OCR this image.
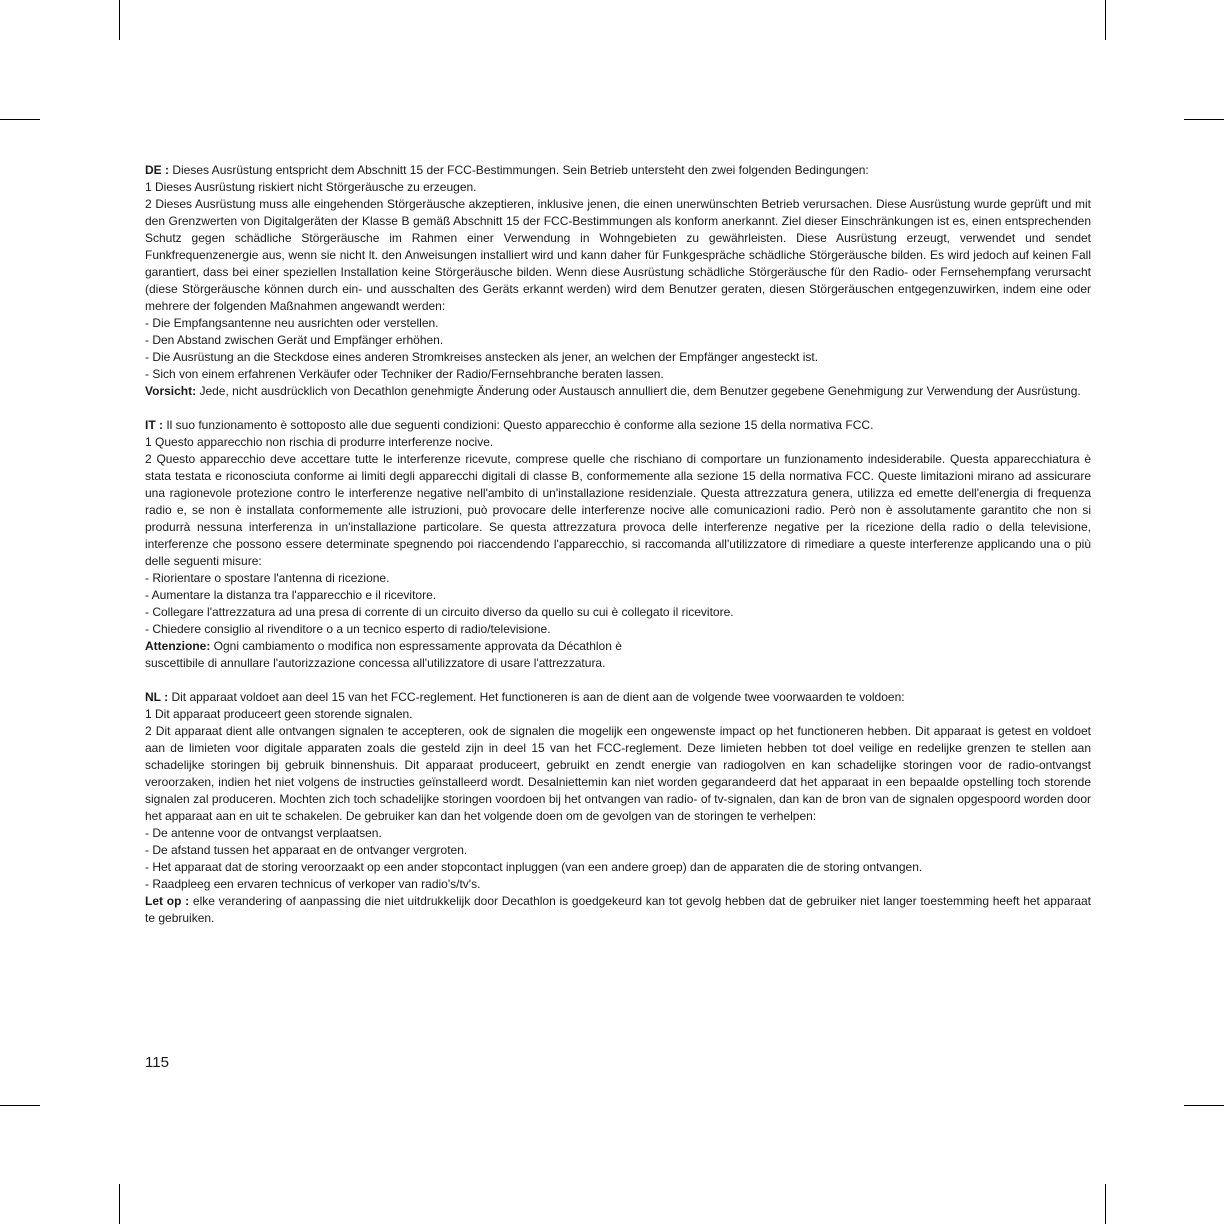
DE : Dieses Ausrüstung entspricht dem Abschnitt 15 der FCC-Bestimmungen. Sein Betrieb untersteht den zwei folgenden Bedingungen:

1 Dieses Ausrüstung riskiert nicht Störgeräusche zu erzeugen.

2 Dieses Ausrüstung muss alle eingehenden Störgeräusche akzeptieren, inklusive jenen, die einen unerwünschten Betrieb verursachen. Diese Ausrüstung wurde geprüft und mit den Grenzwerten von Digitalgeräten der Klasse B gemäß Abschnitt 15 der FCC-Bestimmungen als konform anerkannt. Ziel dieser Einschränkungen ist es, einen entsprechenden Schutz gegen schädliche Störgeräusche im Rahmen einer Verwendung in Wohngebieten zu gewährleisten. Diese Ausrüstung erzeugt, verwendet und sendet Funkfrequenzenergie aus, wenn sie nicht lt. den Anweisungen installiert wird und kann daher für Funkgespräche schädliche Störgeräusche bilden. Es wird jedoch auf keinen Fall garantiert, dass bei einer speziellen Installation keine Störgeräusche bilden. Wenn diese Ausrüstung schädliche Störgeräusche für den Radio- oder Fernsehempfang verursacht (diese Störgeräusche können durch ein- und ausschalten des Geräts erkannt werden) wird dem Benutzer geraten, diesen Störgeräuschen entgegenzuwirken, indem eine oder mehrere der folgenden Maßnahmen angewandt werden:

- Die Empfangsantenne neu ausrichten oder verstellen.

- Den Abstand zwischen Gerät und Empfänger erhöhen.

- Die Ausrüstung an die Steckdose eines anderen Stromkreises anstecken als jener, an welchen der Empfänger angesteckt ist.

- Sich von einem erfahrenen Verkäufer oder Techniker der Radio/Fernsehbranche beraten lassen.

Vorsicht: Jede, nicht ausdrücklich von Decathlon genehmigte Änderung oder Austausch annulliert die, dem Benutzer gegebene Genehmigung zur Verwendung der Ausrüstung.

IT : Il suo funzionamento è sottoposto alle due seguenti condizioni: Questo apparecchio è conforme alla sezione 15 della normativa FCC.

1 Questo apparecchio non rischia di produrre interferenze nocive.

2 Questo apparecchio deve accettare tutte le interferenze ricevute, comprese quelle che rischiano di comportare un funzionamento indesiderabile. Questa apparecchiatura è stata testata e riconosciuta conforme ai limiti degli apparecchi digitali di classe B, conformemente alla sezione 15 della normativa FCC. Queste limitazioni mirano ad assicurare una ragionevole protezione contro le interferenze negative nell'ambito di un'installazione residenziale. Questa attrezzatura genera, utilizza ed emette dell'energia di frequenza radio e, se non è installata conformemente alle istruzioni, può provocare delle interferenze nocive alle comunicazioni radio. Però non è assolutamente garantito che non si produrrà nessuna interferenza in un'installazione particolare. Se questa attrezzatura provoca delle interferenze negative per la ricezione della radio o della televisione, interferenze che possono essere determinate spegnendo poi riaccendendo l'apparecchio, si raccomanda all'utilizzatore di rimediare a queste interferenze applicando una o più delle seguenti misure:

- Riorientare o spostare l'antenna di ricezione.

- Aumentare la distanza tra l'apparecchio e il ricevitore.

- Collegare l'attrezzatura ad una presa di corrente di un circuito diverso da quello su cui è collegato il ricevitore.

- Chiedere consiglio al rivenditore o a un tecnico esperto di radio/televisione.

Attenzione: Ogni cambiamento o modifica non espressamente approvata da Décathlon è

suscettibile di annullare l'autorizzazione concessa all'utilizzatore di usare l'attrezzatura.

NL : Dit apparaat voldoet aan deel 15 van het FCC-reglement. Het functioneren is aan de dient aan de volgende twee voorwaarden te voldoen:

1 Dit apparaat produceert geen storende signalen.

2 Dit apparaat dient alle ontvangen signalen te accepteren, ook de signalen die mogelijk een ongewenste impact op het functioneren hebben. Dit apparaat is getest en voldoet aan de limieten voor digitale apparaten zoals die gesteld zijn in deel 15 van het FCC-reglement. Deze limieten hebben tot doel veilige en redelijke grenzen te stellen aan schadelijke storingen bij gebruik binnenshuis. Dit apparaat produceert, gebruikt en zendt energie van radiogolven en kan schadelijke storingen voor de radio-ontvangst veroorzaken, indien het niet volgens de instructies geïnstalleerd wordt. Desalniettemin kan niet worden gegarandeerd dat het apparaat in een bepaalde opstelling toch storende signalen zal produceren. Mochten zich toch schadelijke storingen voordoen bij het ontvangen van radio- of tv-signalen, dan kan de bron van de signalen opgespoord worden door het apparaat aan en uit te schakelen. De gebruiker kan dan het volgende doen om de gevolgen van de storingen te verhelpen:

- De antenne voor de ontvangst verplaatsen.

- De afstand tussen het apparaat en de ontvanger vergroten.

- Het apparaat dat de storing veroorzaakt op een ander stopcontact inpluggen (van een andere groep) dan de apparaten die de storing ontvangen.

- Raadpleeg een ervaren technicus of verkoper van radio's/tv's.

Let op : elke verandering of aanpassing die niet uitdrukkelijk door Decathlon is goedgekeurd kan tot gevolg hebben dat de gebruiker niet langer toestemming heeft het apparaat te gebruiken.

115
